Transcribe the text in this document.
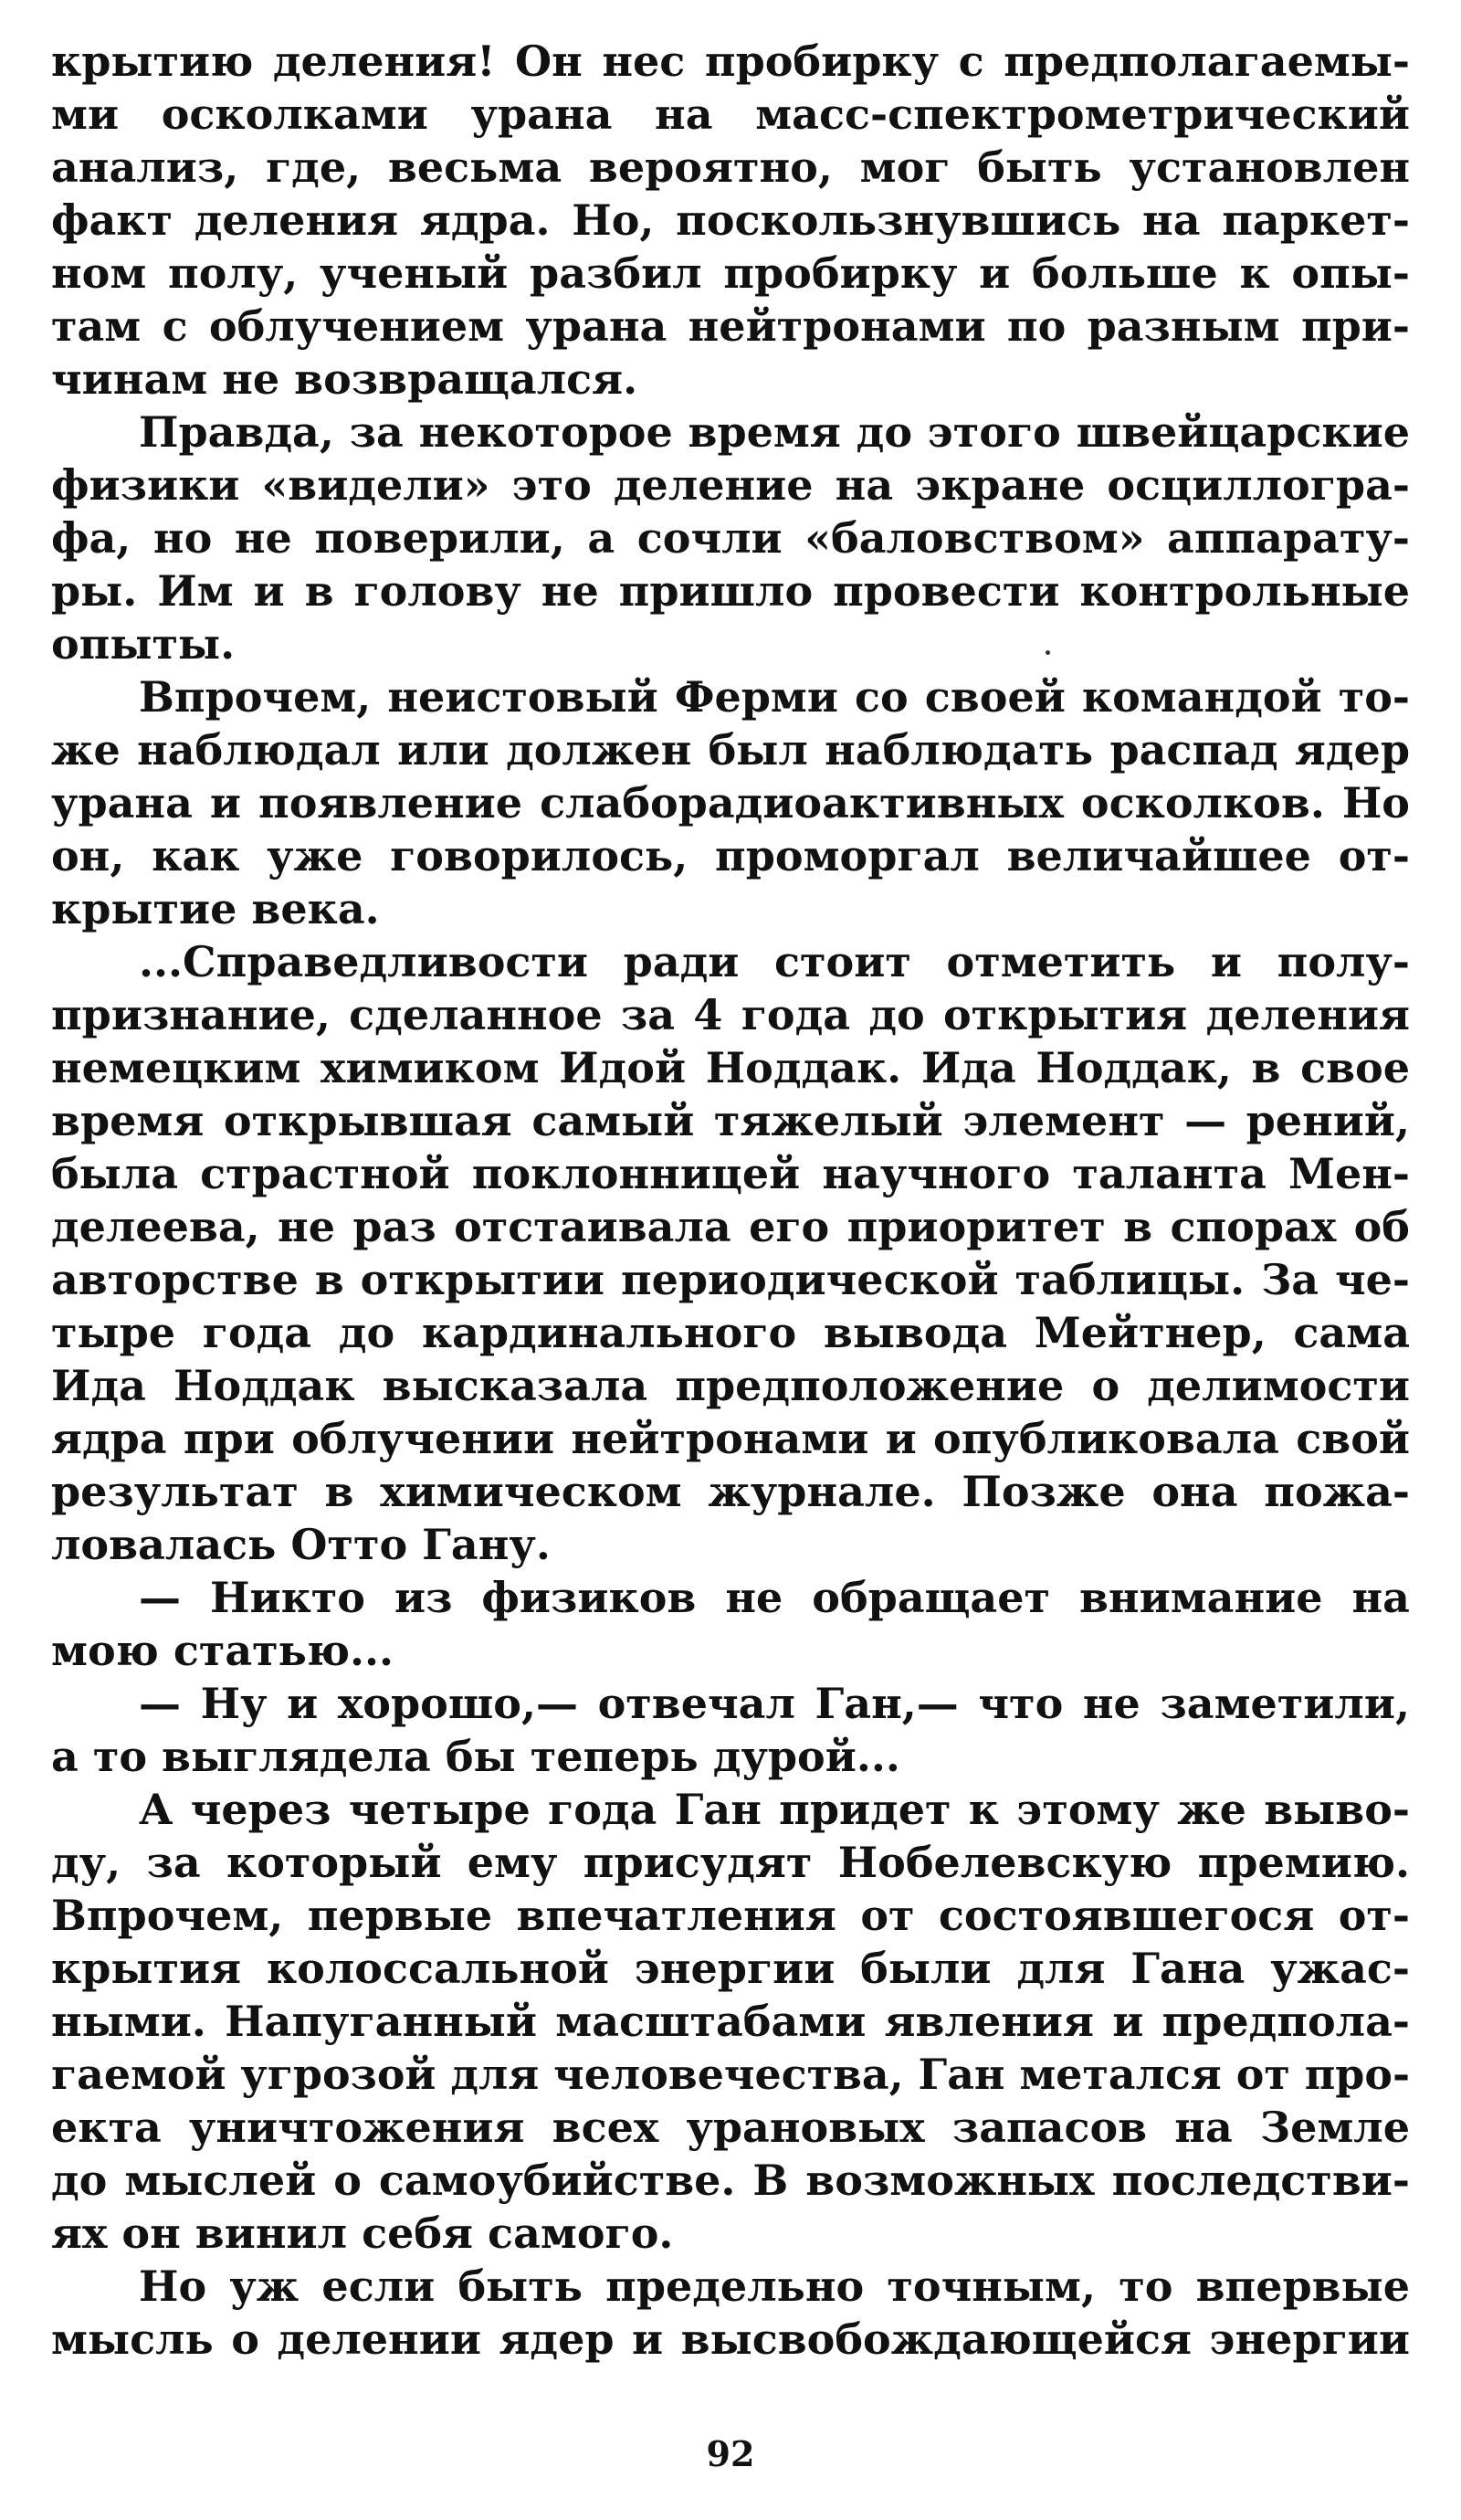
крытию деления! Он нес пробирку с предполагаемы-
ми осколками урана на масс-спектрометрический
анализ, где, весьма вероятно, мог быть установлен
факт деления ядра. Но, поскользнувшись на паркет-
ном полу, ученый разбил пробирку и больше к опы-
там с облучением урана нейтронами по разным при-
чинам не возвращался.

Правда, за некоторое время до этого швейцарские
физики «видели» это деление на экране осциллогра-
фа, но не поверили, а сочли «баловством» аппарату-
ры. Им и в голову не пришло провести контрольные
опыты.

Впрочем, неистовый Ферми со своей командой то-
же наблюдал или должен был наблюдать распад ядер
урана и появление слаборадиоактивных осколков. Но
он, как уже говорилось, проморгал величайшее от-
крытие века.

...Справедливости ради стоит отметить и полу-
признание, сделанное за 4 года до открытия деления
немецким химиком Идой Ноддак. Ида Ноддак, в свое
время открывшая самый тяжелый элемент — рений,
была страстной поклонницей научного таланта Мен-
делеева, не раз отстаивала его приоритет в спорах об
авторстве в открытии периодической таблицы. За че-
тыре года до кардинального вывода Мейтнер, сама
Ида Ноддак высказала предположение о делимости
ядра при облучении нейтронами и опубликовала свой
результат в химическом журнале. Позже она пожа-
ловалась Отто Гану.

— Никто из физиков не обращает внимание на
мою статью...

— Ну и хорошо,— отвечал Ган,— что не заметили,
а то выглядела бы теперь дурой...

А через четыре года Ган придет к этому же выво-
ду, за который ему присудят Нобелевскую премию.
Впрочем, первые впечатления от состоявшегося от-
крытия колоссальной энергии были для Гана ужас-
ными. Напуганный масштабами явления и предпола-
гаемой угрозой для человечества, Ган метался от про-
екта уничтожения всех урановых запасов на Земле
до мыслей о самоубийстве. В возможных последстви-
ях он винил себя самого.

Но уж если быть предельно точным, то впервые
мысль о делении ядер и высвобождающейся энергии

92
